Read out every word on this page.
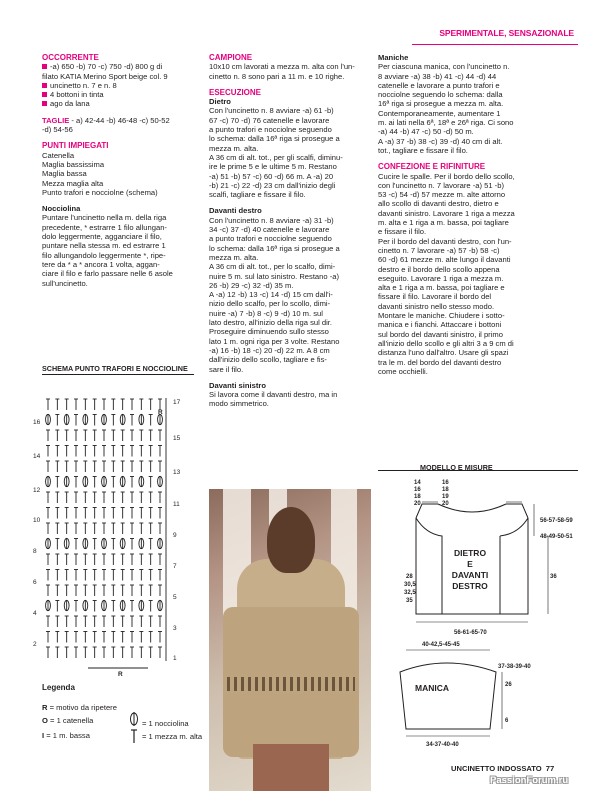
SPERIMENTALE, SENSAZIONALE

OCCORRENTE

-a) 650 -b) 70 -c) 750 -d) 800 g di

filato KATIA Merino Sport beige col. 9

uncinetto n. 7 e n. 8

4 bottoni in tinta

ago da lana

TAGLIE - a) 42-44 -b) 46-48 -c) 50-52

-d) 54-56

PUNTI IMPIEGATI

Catenella

Maglia bassissima

Maglia bassa

Mezza maglia alta

Punto trafori e nocciolne (schema)

Nocciolina

Puntare l'uncinetto nella m. della riga

precedente, * estrarre 1 filo allungan-

dolo leggermente, agganciare il filo,

puntare nella stessa m. ed estrarre 1

filo allungandolo leggermente *, ripe-

tere da * a * ancora 1 volta, aggan-

ciare il filo e farlo passare nelle 6 asole

sull'uncinetto.

SCHEMA PUNTO TRAFORI E NOCCIOLINE
16
14
12
10
8
6
4
2
17
15
13
11
9
7
5
3
1
R
R
Legenda
R = motivo da ripetere
O = 1 catenella
I = 1 m. bassa
= 1 nocciolina
= 1 mezza m. alta

CAMPIONE

10x10 cm lavorati a mezza m. alta con l'un-

cinetto n. 8 sono pari a 11 m. e 10 righe.

ESECUZIONE

Dietro

Con l'uncinetto n. 8 avviare -a) 61 -b)

67 -c) 70 -d) 76 catenelle e lavorare

a punto trafori e nocciolne seguendo

lo schema: dalla 16ª riga si prosegue a

mezza m. alta.

A 36 cm di alt. tot., per gli scalfi, diminu-

ire le prime 5 e le ultime 5 m. Restano

-a) 51 -b) 57 -c) 60 -d) 66 m. A -a) 20

-b) 21 -c) 22 -d) 23 cm dall'inizio degli

scalfi, tagliare e fissare il filo.

Davanti destro

Con l'uncinetto n. 8 avviare -a) 31 -b)

34 -c) 37 -d) 40 catenelle e lavorare

a punto trafori e nocciolne seguendo

lo schema: dalla 16ª riga si prosegue a

mezza m. alta.

A 36 cm di alt. tot., per lo scalfo, dimi-

nuire 5 m. sul lato sinistro. Restano -a)

26 -b) 29 -c) 32 -d) 35 m.

A -a) 12 -b) 13 -c) 14 -d) 15 cm dall'i-

nizio dello scalfo, per lo scollo, dimi-

nuire -a) 7 -b) 8 -c) 9 -d) 10 m. sul

lato destro, all'inizio della riga sul dir.

Proseguire diminuendo sullo stesso

lato 1 m. ogni riga per 3 volte. Restano

-a) 16 -b) 18 -c) 20 -d) 22 m. A 8 cm

dall'inizio dello scollo, tagliare e fis-

sare il filo.

Davanti sinistro

Si lavora come il davanti destro, ma in

modo simmetrico.

Maniche

Per ciascuna manica, con l'uncinetto n.

8 avviare -a) 38 -b) 41 -c) 44 -d) 44

catenelle e lavorare a punto trafori e

nocciolne seguendo lo schema: dalla

16ª riga si prosegue a mezza m. alta.

Contemporaneamente, aumentare 1

m. ai lati nella 6ª, 18ª e 26ª riga. Ci sono

-a) 44 -b) 47 -c) 50 -d) 50 m.

A -a) 37 -b) 38 -c) 39 -d) 40 cm di alt.

tot., tagliare e fissare il filo.

CONFEZIONE E RIFINITURE

Cucire le spalle. Per il bordo dello scollo,

con l'uncinetto n. 7 lavorare -a) 51 -b)

53 -c) 54 -d) 57 mezze m. alte attorno

allo scollo di davanti destro, dietro e

davanti sinistro. Lavorare 1 riga a mezza

m. alta e 1 riga a m. bassa, poi tagliare

e fissare il filo.

Per il bordo del davanti destro, con l'un-

cinetto n. 7 lavorare -a) 57 -b) 58 -c)

60 -d) 61 mezze m. alte lungo il davanti

destro e il bordo dello scollo appena

eseguito. Lavorare 1 riga a mezza m.

alta e 1 riga a m. bassa, poi tagliare e

fissare il filo. Lavorare il bordo del

davanti sinistro nello stesso modo.

Montare le maniche. Chiudere i sotto-

manica e i fianchi. Attaccare i bottoni

sul bordo del davanti sinistro, il primo

all'inizio dello scollo e gli altri 3 a 9 cm di

distanza l'uno dall'altro. Usare gli spazi

tra le m. del bordo del davanti destro

come occhielli.

MODELLO E MISURE
14
16
18
20
16
18
19
20
56-57-58-59
48-49-50-51
36
28
30,5
32,5
35
56-61-65-70
40-42,5-45-45
37-38-39-40
26
6
34-37-40-40
DIETRO
E
DAVANTI
DESTRO
MANICA
UNCINETTO INDOSSATO 77
PassionForum.ru
